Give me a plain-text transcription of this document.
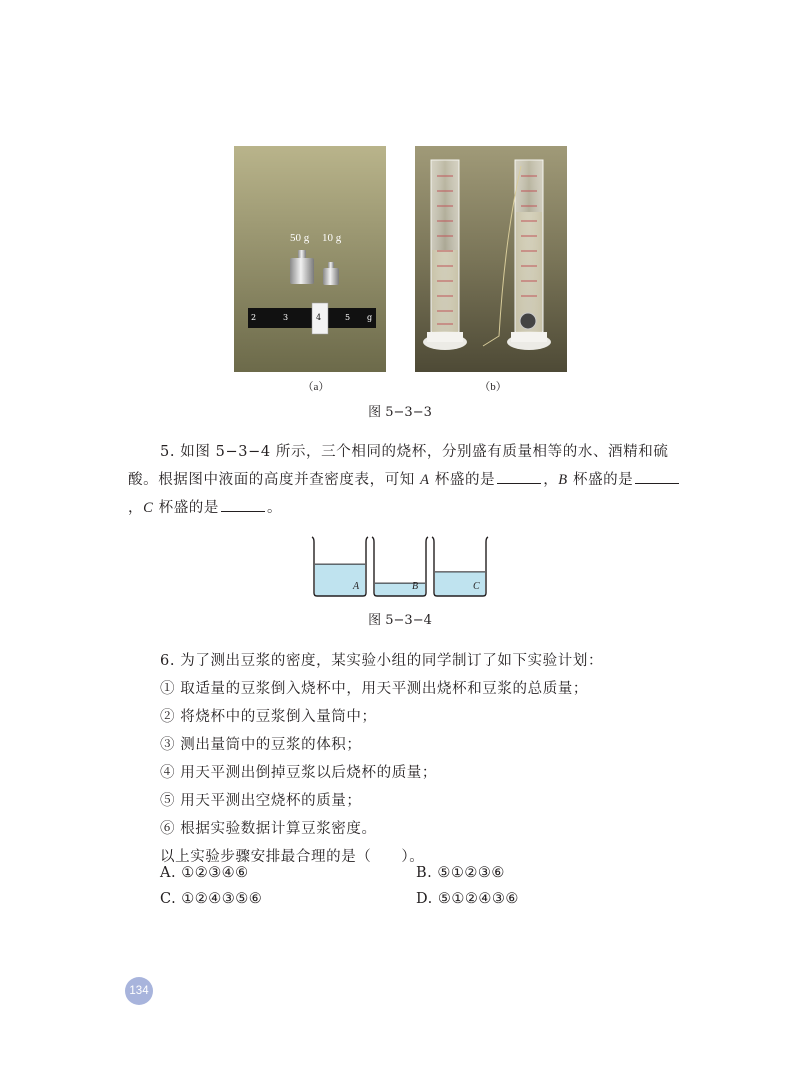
50 g 10 g
2	3	4	5 g
（a）	（b）
图 5−3−3
5. 如图 5−3−4 所示，三个相同的烧杯，分别盛有质量相等的水、酒精和硫酸。根据图中液面的高度并查密度表，可知 A 杯盛的是	，B 杯盛的是，C 杯盛的是	。
A	B	C
图 5−3−4
6. 为了测出豆浆的密度，某实验小组的同学制订了如下实验计划：
① 取适量的豆浆倒入烧杯中，用天平测出烧杯和豆浆的总质量；
② 将烧杯中的豆浆倒入量筒中；
③ 测出量筒中的豆浆的体积；
④ 用天平测出倒掉豆浆以后烧杯的质量；
⑤ 用天平测出空烧杯的质量；
⑥ 根据实验数据计算豆浆密度。
以上实验步骤安排最合理的是（ ）。
A. ①②③④⑥	B. ⑤①②③⑥
C. ①②④③⑤⑥	D. ⑤①②④③⑥
134
